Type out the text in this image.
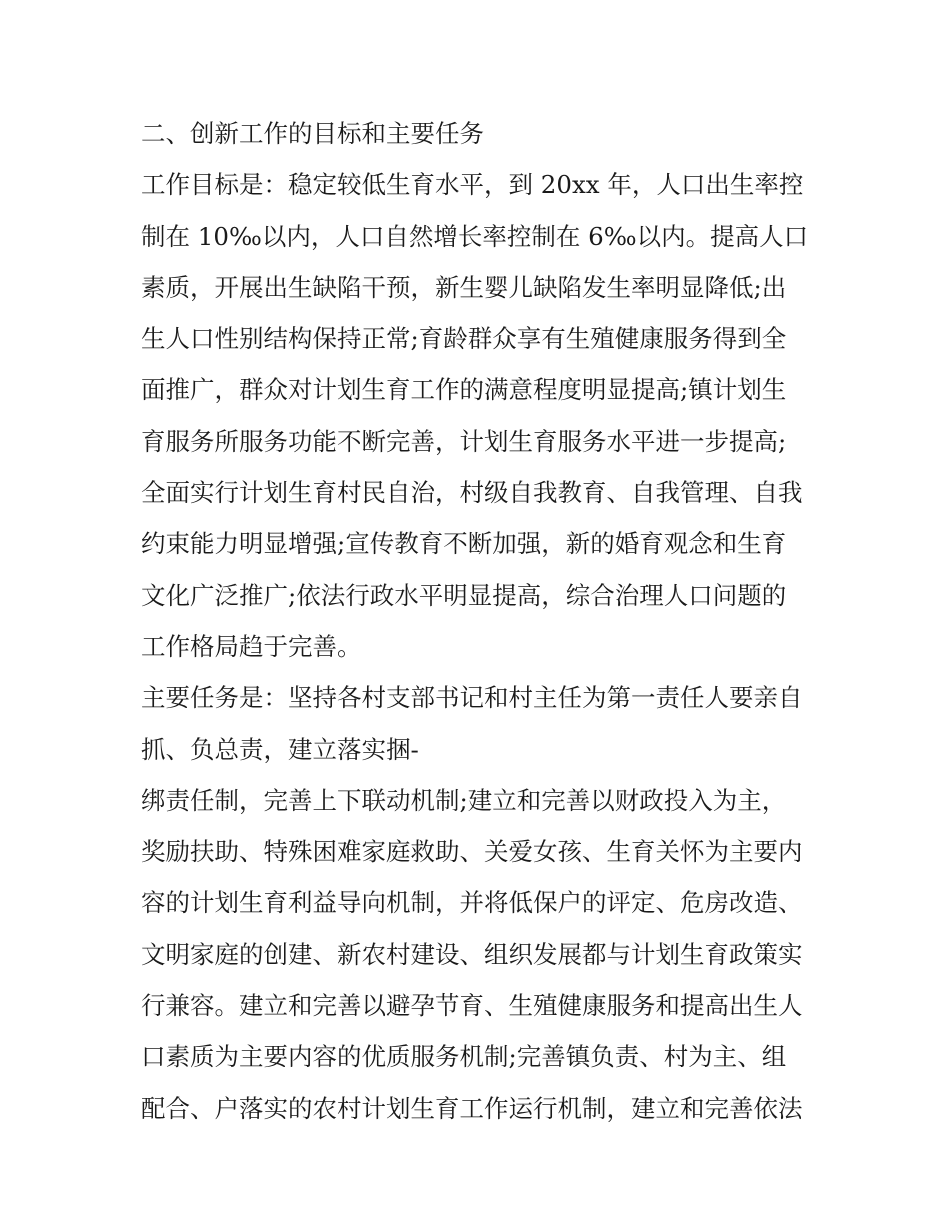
二、创新工作的目标和主要任务
工作目标是：稳定较低生育水平，到 20xx 年，人口出生率控
制在 10‰以内，人口自然增长率控制在 6‰以内。提高人口
素质，开展出生缺陷干预，新生婴儿缺陷发生率明显降低;出
生人口性别结构保持正常;育龄群众享有生殖健康服务得到全
面推广，群众对计划生育工作的满意程度明显提高;镇计划生
育服务所服务功能不断完善，计划生育服务水平进一步提高;
全面实行计划生育村民自治，村级自我教育、自我管理、自我
约束能力明显增强;宣传教育不断加强，新的婚育观念和生育
文化广泛推广;依法行政水平明显提高，综合治理人口问题的
工作格局趋于完善。
主要任务是：坚持各村支部书记和村主任为第一责任人要亲自
抓、负总责，建立落实捆-
绑责任制，完善上下联动机制;建立和完善以财政投入为主，
奖励扶助、特殊困难家庭救助、关爱女孩、生育关怀为主要内
容的计划生育利益导向机制，并将低保户的评定、危房改造、
文明家庭的创建、新农村建设、组织发展都与计划生育政策实
行兼容。建立和完善以避孕节育、生殖健康服务和提高出生人
口素质为主要内容的优质服务机制;完善镇负责、村为主、组
配合、户落实的农村计划生育工作运行机制，建立和完善依法
